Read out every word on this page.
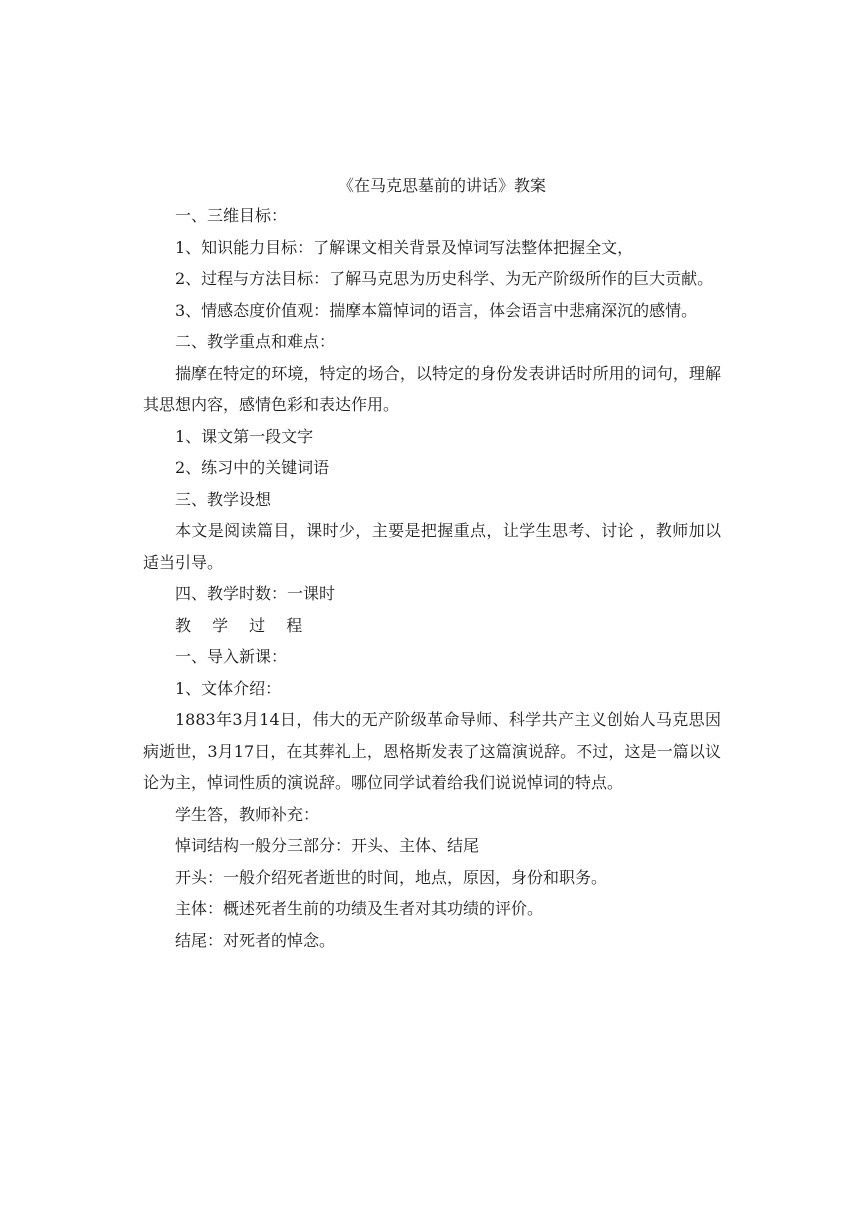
《在马克思墓前的讲话》教案

一、三维目标：

1、知识能力目标：了解课文相关背景及悼词写法整体把握全文，

2、过程与方法目标：了解马克思为历史科学、为无产阶级所作的巨大贡献。

3、情感态度价值观：揣摩本篇悼词的语言，体会语言中悲痛深沉的感情。

二、教学重点和难点：

揣摩在特定的环境，特定的场合，以特定的身份发表讲话时所用的词句，理解其思想内容，感情色彩和表达作用。

1、课文第一段文字

2、练习中的关键词语

三、教学设想

本文是阅读篇目，课时少，主要是把握重点，让学生思考、讨论 ，教师加以适当引导。

四、教学时数：一课时

教 学 过 程

一、导入新课：

1、文体介绍：

1883年3月14日，伟大的无产阶级革命导师、科学共产主义创始人马克思因病逝世，3月17日，在其葬礼上，恩格斯发表了这篇演说辞。不过，这是一篇以议论为主，悼词性质的演说辞。哪位同学试着给我们说说悼词的特点。

学生答，教师补充：

悼词结构一般分三部分：开头、主体、结尾

开头：一般介绍死者逝世的时间，地点，原因，身份和职务。

主体：概述死者生前的功绩及生者对其功绩的评价。

结尾：对死者的悼念。
